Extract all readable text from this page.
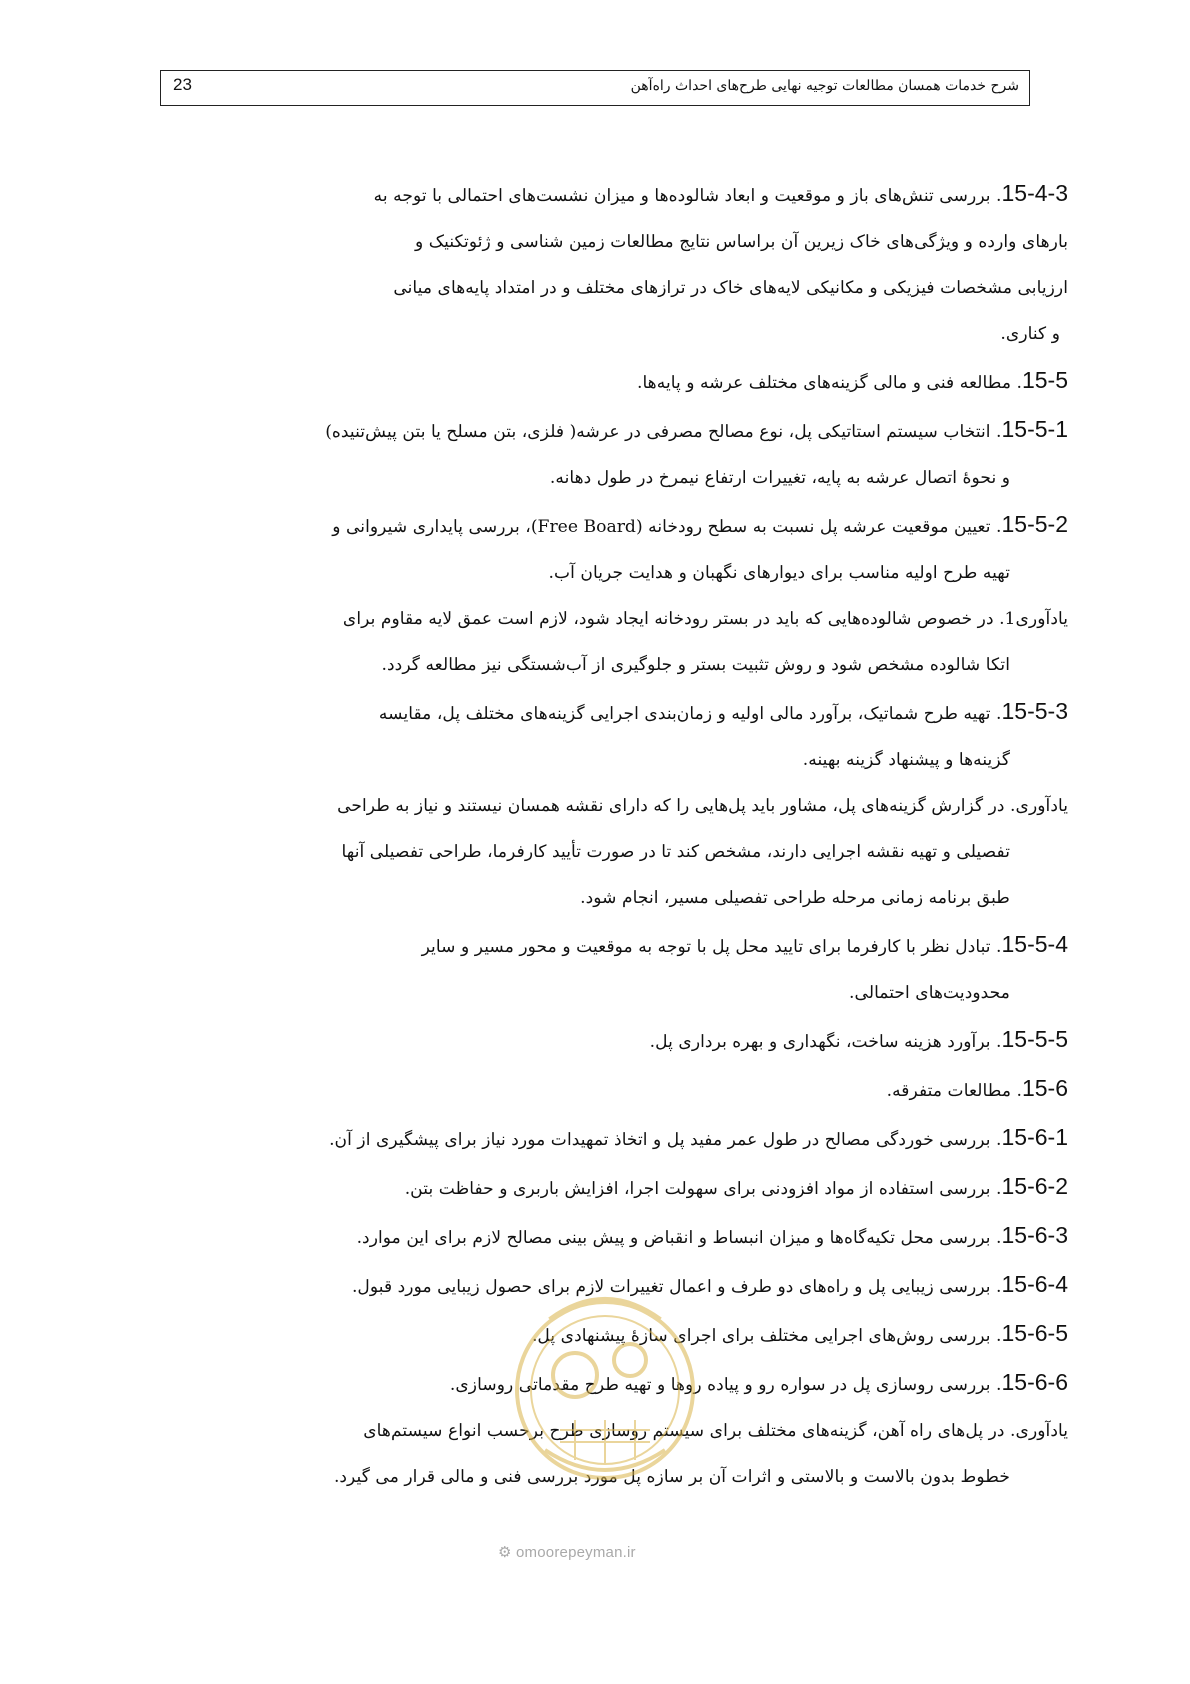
شرح خدمات همسان مطالعات توجیه نهایی طرح‌های احداث راه‌آهن
23

15-4-3. بررسی تنش‌های باز و موقعیت و ابعاد شالوده‌ها و میزان نشست‌های احتمالی با توجه به
بارهای وارده و ویژگی‌های خاک زیرین آن براساس نتایج مطالعات زمین شناسی و ژئوتکنیک و
ارزیابی مشخصات فیزیکی و مکانیکی لایه‌های خاک در ترازهای مختلف و در امتداد پایه‌های میانی
و کناری.

15-5. مطالعه فنی و مالی گزینه‌های مختلف عرشه و پایه‌ها.

15-5-1. انتخاب سیستم استاتیکی پل، نوع مصالح مصرفی در عرشه( فلزی، بتن مسلح یا بتن پیش‌تنیده)
و نحوهٔ اتصال عرشه به پایه، تغییرات ارتفاع نیمرخ در طول دهانه.

15-5-2. تعیین موقعیت عرشه پل نسبت به سطح رودخانه (Free Board)، بررسی پایداری شیروانی و
تهیه طرح اولیه مناسب برای دیوارهای نگهبان و هدایت جریان آب.

یادآوری1. در خصوص شالوده‌هایی که باید در بستر رودخانه ایجاد شود، لازم است عمق لایه مقاوم برای
اتکا شالوده مشخص شود و روش تثبیت بستر و جلوگیری از آب‌شستگی نیز مطالعه گردد.

15-5-3. تهیه طرح شماتیک، برآورد مالی اولیه و زمان‌بندی اجرایی گزینه‌های مختلف پل، مقایسه
گزینه‌ها و پیشنهاد گزینه بهینه.

یادآوری. در گزارش گزینه‌های پل، مشاور باید پل‌هایی را که دارای نقشه همسان نیستند و نیاز به طراحی
تفصیلی و تهیه نقشه اجرایی دارند، مشخص کند تا در صورت تأیید کارفرما، طراحی تفصیلی آنها
طبق برنامه زمانی مرحله طراحی تفصیلی مسیر، انجام شود.

15-5-4. تبادل نظر با کارفرما برای تایید محل پل با توجه به موقعیت و محور مسیر و سایر
محدودیت‌های احتمالی.

15-5-5. برآورد هزینه ساخت، نگهداری و بهره برداری پل.

15-6. مطالعات متفرقه.

15-6-1. بررسی خوردگی مصالح در طول عمر مفید پل و اتخاذ تمهیدات مورد نیاز برای پیشگیری از آن.

15-6-2. بررسی استفاده از مواد افزودنی برای سهولت اجرا، افزایش باربری و حفاظت بتن.

15-6-3. بررسی محل تکیه‌گاه‌ها و میزان انبساط و انقباض و پیش بینی مصالح لازم برای این موارد.

15-6-4. بررسی زیبایی پل و راه‌های دو طرف و اعمال تغییرات لازم برای حصول زیبایی مورد قبول.

15-6-5. بررسی روش‌های اجرایی مختلف برای اجرای سازهٔ پیشنهادی پل.

15-6-6. بررسی روسازی پل در سواره رو و پیاده روها و تهیه طرح مقدماتی روسازی.

یادآوری. در پل‌های راه آهن، گزینه‌های مختلف برای سیستم روسازی طرح برحسب انواع سیستم‌های
خطوط بدون بالاست و بالاستی و اثرات آن بر سازه پل مورد بررسی فنی و مالی قرار می گیرد.

⚙ omoorepeyman.ir
